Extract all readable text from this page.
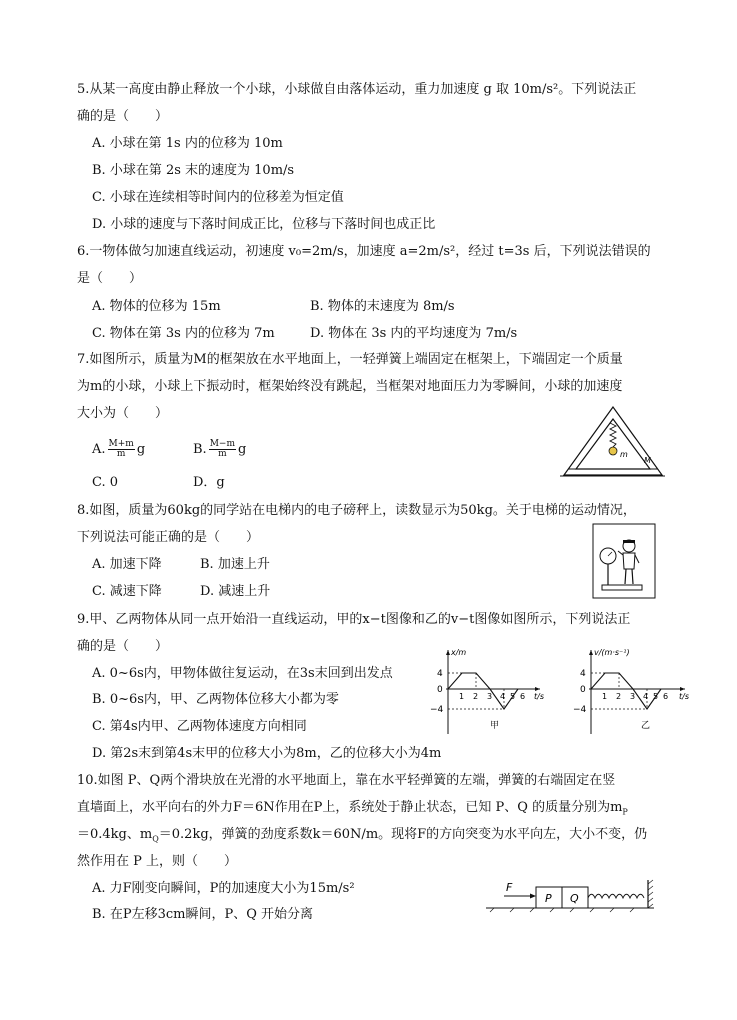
5.从某一高度由静止释放一个小球，小球做自由落体运动，重力加速度 g 取 10m/s²。下列说法正
确的是（　　）
A. 小球在第 1s 内的位移为 10m
B. 小球在第 2s 末的速度为 10m/s
C. 小球在连续相等时间内的位移差为恒定值
D. 小球的速度与下落时间成正比，位移与下落时间也成正比
6.一物体做匀加速直线运动，初速度 v₀=2m/s，加速度 a=2m/s²，经过 t=3s 后，下列说法错误的
是（　　）
A. 物体的位移为 15m	B. 物体的末速度为 8m/s
C. 物体在第 3s 内的位移为 7m	D. 物体在 3s 内的平均速度为 7m/s
7.如图所示，质量为M的框架放在水平地面上，一轻弹簧上端固定在框架上，下端固定一个质量
为m的小球，小球上下振动时，框架始终没有跳起，当框架对地面压力为零瞬间，小球的加速度
大小为（　　）
A. $\frac{M+m}{m}$ g	B. $\frac{M-m}{m}$ g
C. 0	D．g
m
M
8.如图，质量为60kg的同学站在电梯内的电子磅秤上，读数显示为50kg。关于电梯的运动情况，
下列说法可能正确的是（　　）
A. 加速下降	B. 加速上升
C. 减速下降	D. 减速上升
9.甲、乙两物体从同一点开始沿一直线运动，甲的x−t图像和乙的v−t图像如图所示，下列说法正
确的是（　　）
A. 0~6s内，甲物体做往复运动，在3s末回到出发点
B. 0~6s内，甲、乙两物体位移大小都为零
C. 第4s内甲、乙两物体速度方向相同
D. 第2s末到第4s末甲的位移大小为8m，乙的位移大小为4m
x/m
t/s
4
0
−4
1 2 3 4 5 6
甲
v/(m·s⁻¹)
t/s
4
0
−4
1 2 3 4 5 6
乙
10.如图 P、Q两个滑块放在光滑的水平地面上，靠在水平轻弹簧的左端，弹簧的右端固定在竖
直墙面上，水平向右的外力F＝6N作用在P上，系统处于静止状态，已知 P、Q 的质量分别为$m_P$
＝0.4kg、$m_Q=0.2kg$，弹簧的劲度系数k＝60N/m。现将F的方向突变为水平向左，大小不变，仍
然作用在 P 上，则（　　）
A. 力F刚变向瞬间，P的加速度大小为15m/s²
B. 在P左移3cm瞬间，P、Q 开始分离
F
P Q
